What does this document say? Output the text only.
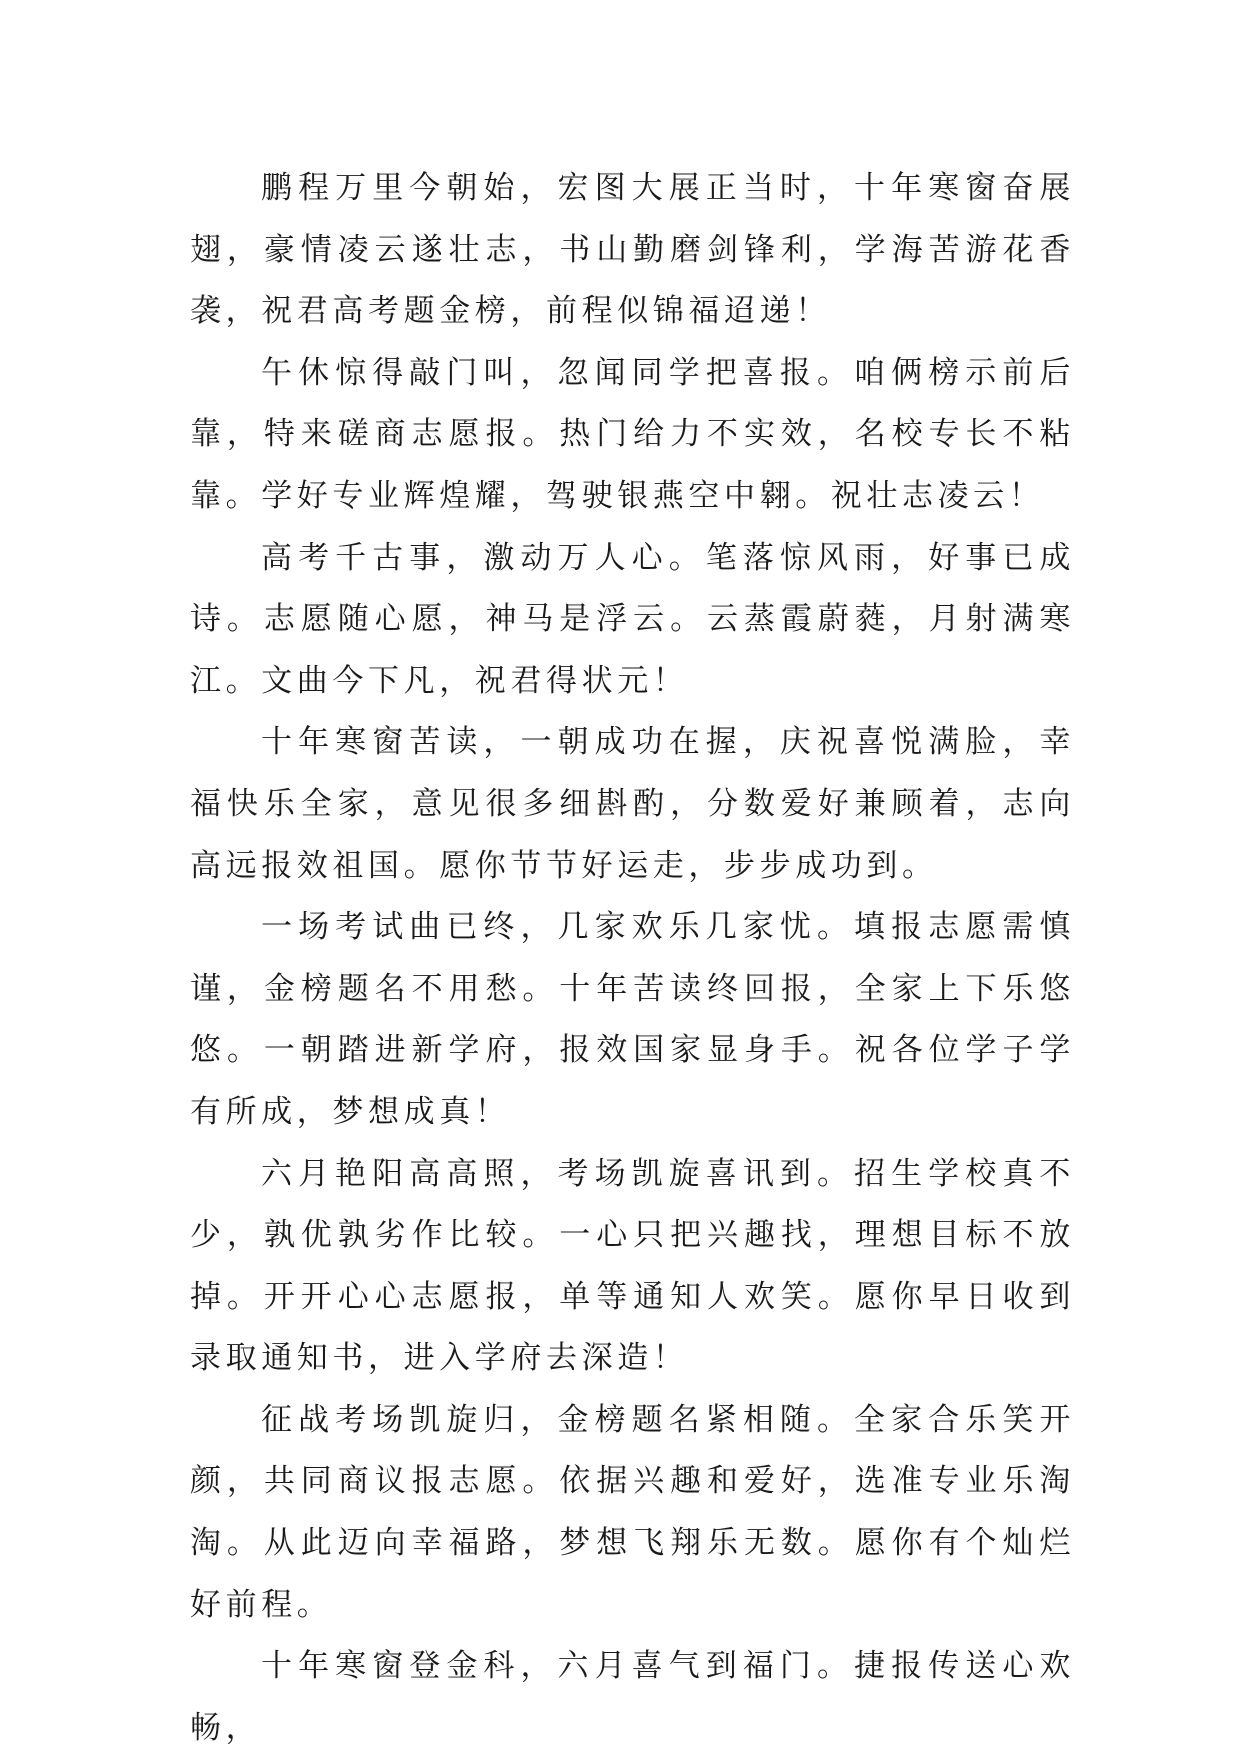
鹏程万里今朝始，宏图大展正当时，十年寒窗奋展翅，豪情凌云遂壮志，书山勤磨剑锋利，学海苦游花香袭，祝君高考题金榜，前程似锦福迢递！

午休惊得敲门叫，忽闻同学把喜报。咱俩榜示前后靠，特来磋商志愿报。热门给力不实效，名校专长不粘靠。学好专业辉煌耀，驾驶银燕空中翱。祝壮志凌云！

高考千古事，激动万人心。笔落惊风雨，好事已成诗。志愿随心愿，神马是浮云。云蒸霞蔚蕤，月射满寒江。文曲今下凡，祝君得状元！

十年寒窗苦读，一朝成功在握，庆祝喜悦满脸，幸福快乐全家，意见很多细斟酌，分数爱好兼顾着，志向高远报效祖国。愿你节节好运走，步步成功到。

一场考试曲已终，几家欢乐几家忧。填报志愿需慎谨，金榜题名不用愁。十年苦读终回报，全家上下乐悠悠。一朝踏进新学府，报效国家显身手。祝各位学子学有所成，梦想成真！

六月艳阳高高照，考场凯旋喜讯到。招生学校真不少，孰优孰劣作比较。一心只把兴趣找，理想目标不放掉。开开心心志愿报，单等通知人欢笑。愿你早日收到录取通知书，进入学府去深造！

征战考场凯旋归，金榜题名紧相随。全家合乐笑开颜，共同商议报志愿。依据兴趣和爱好，选准专业乐淘淘。从此迈向幸福路，梦想飞翔乐无数。愿你有个灿烂好前程。

十年寒窗登金科，六月喜气到福门。捷报传送心欢畅，
